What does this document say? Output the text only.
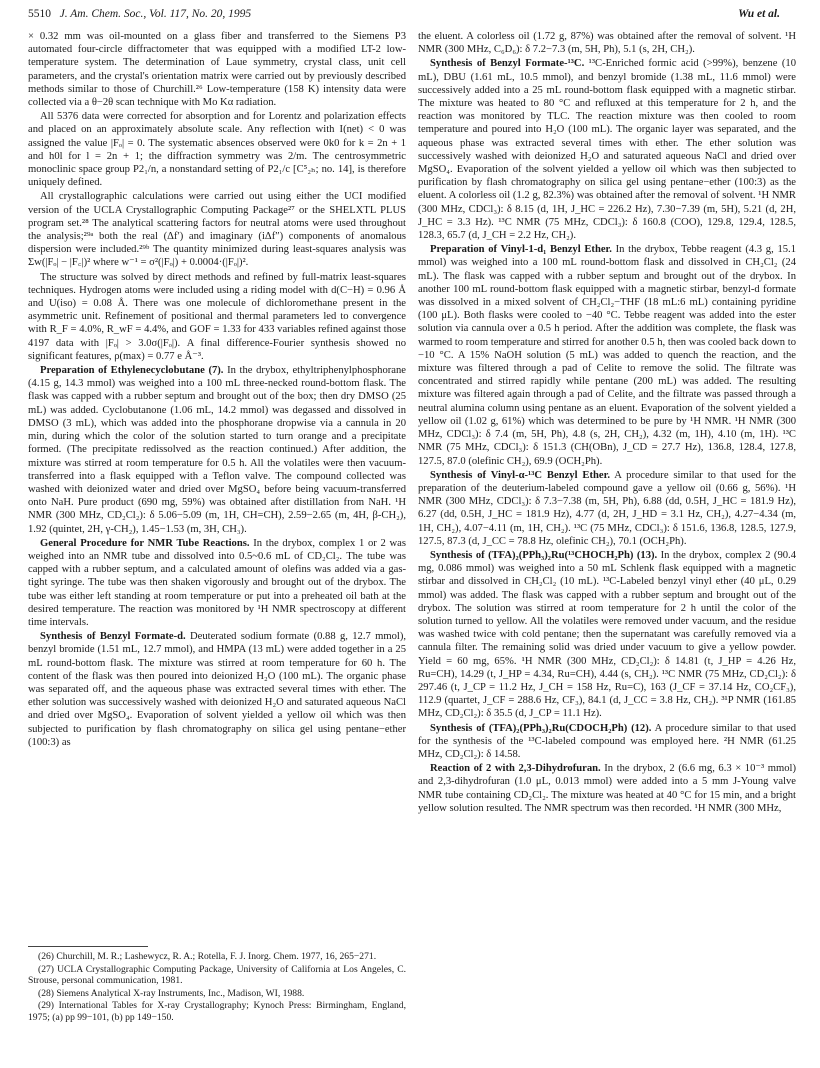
5510 J. Am. Chem. Soc., Vol. 117, No. 20, 1995	Wu et al.

× 0.32 mm was oil-mounted on a glass fiber and transferred to the Siemens P3 automated four-circle diffractometer that was equipped with a modified LT-2 low-temperature system. The determination of Laue symmetry, crystal class, unit cell parameters, and the crystal's orientation matrix were carried out by previously described methods similar to those of Churchill.²⁶ Low-temperature (158 K) intensity data were collected via a θ−2θ scan technique with Mo Kα radiation.

All 5376 data were corrected for absorption and for Lorentz and polarization effects and placed on an approximately absolute scale. Any reflection with I(net) < 0 was assigned the value |Fₒ| = 0. The systematic absences observed were 0k0 for k = 2n + 1 and h0l for l = 2n + 1; the diffraction symmetry was 2/m. The centrosymmetric monoclinic space group P2₁/n, a nonstandard setting of P2₁/c [C⁵₂ₕ; no. 14], is therefore uniquely defined.

All crystallographic calculations were carried out using either the UCI modified version of the UCLA Crystallographic Computing Package²⁷ or the SHELXTL PLUS program set.²⁸ The analytical scattering factors for neutral atoms were used throughout the analysis;²⁹ᵃ both the real (Δf′) and imaginary (iΔf″) components of anomalous dispersion were included.²⁹ᵇ The quantity minimized during least-squares analysis was Σw(|Fₒ| − |F꜀|)² where w⁻¹ = σ²(|Fₒ|) + 0.0004·(|Fₒ|)².

The structure was solved by direct methods and refined by full-matrix least-squares techniques. Hydrogen atoms were included using a riding model with d(C−H) = 0.96 Å and U(iso) = 0.08 Å. There was one molecule of dichloromethane present in the asymmetric unit. Refinement of positional and thermal parameters led to convergence with R_F = 4.0%, R_wF = 4.4%, and GOF = 1.33 for 433 variables refined against those 4197 data with |Fₒ| > 3.0σ(|Fₒ|). A final difference-Fourier synthesis showed no significant features, ρ(max) = 0.77 e Å⁻³.

Preparation of Ethylenecyclobutane (7). In the drybox, ethyltriphenylphosphorane (4.15 g, 14.3 mmol) was weighed into a 100 mL three-necked round-bottom flask. The flask was capped with a rubber septum and brought out of the box; then dry DMSO (25 mL) was added. Cyclobutanone (1.06 mL, 14.2 mmol) was degassed and dissolved in DMSO (3 mL), which was added into the phosphorane dropwise via a cannula in 20 min, during which the color of the solution started to turn orange and a precipitate formed. (The precipitate redissolved as the reaction continued.) After addition, the mixture was stirred at room temperature for 0.5 h. All the volatiles were then vacuum-transferred into a flask equipped with a Teflon valve. The compound collected was washed with deionized water and dried over MgSO₄ before being vacuum-transferred onto NaH. Pure product (690 mg, 59%) was obtained after distillation from NaH. ¹H NMR (300 MHz, CD₂Cl₂): δ 5.06−5.09 (m, 1H, CH=CH), 2.59−2.65 (m, 4H, β-CH₂), 1.92 (quintet, 2H, γ-CH₂), 1.45−1.53 (m, 3H, CH₃).

General Procedure for NMR Tube Reactions. In the drybox, complex 1 or 2 was weighed into an NMR tube and dissolved into 0.5~0.6 mL of CD₂Cl₂. The tube was capped with a rubber septum, and a calculated amount of olefins was added via a gas-tight syringe. The tube was then shaken vigorously and brought out of the drybox. The tube was either left standing at room temperature or put into a preheated oil bath at the desired temperature. The reaction was monitored by ¹H NMR spectroscopy at different time intervals.

Synthesis of Benzyl Formate-d. Deuterated sodium formate (0.88 g, 12.7 mmol), benzyl bromide (1.51 mL, 12.7 mmol), and HMPA (13 mL) were added together in a 25 mL round-bottom flask. The mixture was stirred at room temperature for 60 h. The content of the flask was then poured into deionized H₂O (100 mL). The organic phase was separated off, and the aqueous phase was extracted several times with ether. The ether solution was successively washed with deionized H₂O and saturated aqueous NaCl and dried over MgSO₄. Evaporation of solvent yielded a yellow oil which was then subjected to purification by flash chromatography on silica gel using pentane−ether (100:3) as

the eluent. A colorless oil (1.72 g, 87%) was obtained after the removal of solvent. ¹H NMR (300 MHz, C₆D₆): δ 7.2−7.3 (m, 5H, Ph), 5.1 (s, 2H, CH₂).

Synthesis of Benzyl Formate-¹³C. ¹³C-Enriched formic acid (>99%), benzene (10 mL), DBU (1.61 mL, 10.5 mmol), and benzyl bromide (1.38 mL, 11.6 mmol) were successively added into a 25 mL round-bottom flask equipped with a magnetic stirbar. The mixture was heated to 80 °C and refluxed at this temperature for 2 h, and the reaction was monitored by TLC. The reaction mixture was then cooled to room temperature and poured into H₂O (100 mL). The organic layer was separated, and the aqueous phase was extracted several times with ether. The ether solution was successively washed with deionized H₂O and saturated aqueous NaCl and dried over MgSO₄. Evaporation of the solvent yielded a yellow oil which was then subjected to purification by flash chromatography on silica gel using pentane−ether (100:3) as the eluent. A colorless oil (1.2 g, 82.3%) was obtained after the removal of solvent. ¹H NMR (300 MHz, CDCl₃): δ 8.15 (d, 1H, J_HC = 226.2 Hz), 7.30−7.39 (m, 5H), 5.21 (d, 2H, J_HC = 3.3 Hz). ¹³C NMR (75 MHz, CDCl₃): δ 160.8 (COO), 129.8, 129.4, 128.5, 128.3, 65.7 (d, J_CH = 2.2 Hz, CH₂).

Preparation of Vinyl-1-d₁ Benzyl Ether. In the drybox, Tebbe reagent (4.3 g, 15.1 mmol) was weighed into a 100 mL round-bottom flask and dissolved in CH₂Cl₂ (24 mL). The flask was capped with a rubber septum and brought out of the drybox. In another 100 mL round-bottom flask equipped with a magnetic stirbar, benzyl-d formate was dissolved in a mixed solvent of CH₂Cl₂−THF (18 mL:6 mL) containing pyridine (100 μL). Both flasks were cooled to −40 °C. Tebbe reagent was added into the ester solution via cannula over a 0.5 h period. After the addition was complete, the flask was warmed to room temperature and stirred for another 0.5 h, then was cooled back down to −10 °C. A 15% NaOH solution (5 mL) was added to quench the reaction, and the mixture was filtered through a pad of Celite to remove the solid. The filtrate was concentrated and stirred rapidly while pentane (200 mL) was added. The resulting mixture was filtered again through a pad of Celite, and the filtrate was passed through a neutral alumina column using pentane as an eluent. Evaporation of the solvent yielded a yellow oil (1.02 g, 61%) which was determined to be pure by ¹H NMR. ¹H NMR (300 MHz, CDCl₃): δ 7.4 (m, 5H, Ph), 4.8 (s, 2H, CH₂), 4.32 (m, 1H), 4.10 (m, 1H). ¹³C NMR (75 MHz, CDCl₃): δ 151.3 (CH(OBn), J_CD = 27.7 Hz), 136.8, 128.4, 127.8, 127.5, 87.0 (olefinic CH₂), 69.9 (OCH₂Ph).

Synthesis of Vinyl-α-¹³C Benzyl Ether. A procedure similar to that used for the preparation of the deuterium-labeled compound gave a yellow oil (0.66 g, 56%). ¹H NMR (300 MHz, CDCl₃): δ 7.3−7.38 (m, 5H, Ph), 6.88 (dd, 0.5H, J_HC = 181.9 Hz), 6.27 (dd, 0.5H, J_HC = 181.9 Hz), 4.77 (d, 2H, J_HD = 3.1 Hz, CH₂), 4.27−4.34 (m, 1H, CH₂), 4.07−4.11 (m, 1H, CH₂). ¹³C (75 MHz, CDCl₃): δ 151.6, 136.8, 128.5, 127.9, 127.5, 87.3 (d, J_CC = 78.8 Hz, olefinic CH₂), 70.1 (OCH₂Ph).

Synthesis of (TFA)₂(PPh₃)₂Ru(¹³CHOCH₂Ph) (13). In the drybox, complex 2 (90.4 mg, 0.086 mmol) was weighed into a 50 mL Schlenk flask equipped with a magnetic stirbar and dissolved in CH₂Cl₂ (10 mL). ¹³C-Labeled benzyl vinyl ether (40 μL, 0.29 mmol) was added. The flask was capped with a rubber septum and brought out of the drybox. The solution was stirred at room temperature for 2 h until the color of the solution turned to yellow. All the volatiles were removed under vacuum, and the residue was washed twice with cold pentane; then the supernatant was carefully removed via a cannula filter. The remaining solid was dried under vacuum to give a yellow powder. Yield = 60 mg, 65%. ¹H NMR (300 MHz, CD₂Cl₂): δ 14.81 (t, J_HP = 4.26 Hz, Ru=CH), 14.29 (t, J_HP = 4.34, Ru=CH), 4.44 (s, CH₂). ¹³C NMR (75 MHz, CD₂Cl₂): δ 297.46 (t, J_CP = 11.2 Hz, J_CH = 158 Hz, Ru=C), 163 (J_CF = 37.14 Hz, CO₂CF₃), 112.9 (quartet, J_CF = 288.6 Hz, CF₃), 84.1 (d, J_CC = 3.8 Hz, CH₂). ³¹P NMR (161.85 MHz, CD₂Cl₂): δ 35.5 (d, J_CP = 11.1 Hz).

Synthesis of (TFA)₂(PPh₃)₂Ru(CDOCH₂Ph) (12). A procedure similar to that used for the synthesis of the ¹³C-labeled compound was employed here. ²H NMR (61.25 MHz, CD₂Cl₂): δ 14.58.

Reaction of 2 with 2,3-Dihydrofuran. In the drybox, 2 (6.6 mg, 6.3 × 10⁻³ mmol) and 2,3-dihydrofuran (1.0 μL, 0.013 mmol) were added into a 5 mm J-Young valve NMR tube containing CD₂Cl₂. The mixture was heated at 40 °C for 15 min, and a bright yellow solution resulted. The NMR spectrum was then recorded. ¹H NMR (300 MHz,

(26) Churchill, M. R.; Lashewycz, R. A.; Rotella, F. J. Inorg. Chem. 1977, 16, 265−271.

(27) UCLA Crystallographic Computing Package, University of California at Los Angeles, C. Strouse, personal communication, 1981.

(28) Siemens Analytical X-ray Instruments, Inc., Madison, WI, 1988.

(29) International Tables for X-ray Crystallography; Kynoch Press: Birmingham, England, 1975; (a) pp 99−101, (b) pp 149−150.
